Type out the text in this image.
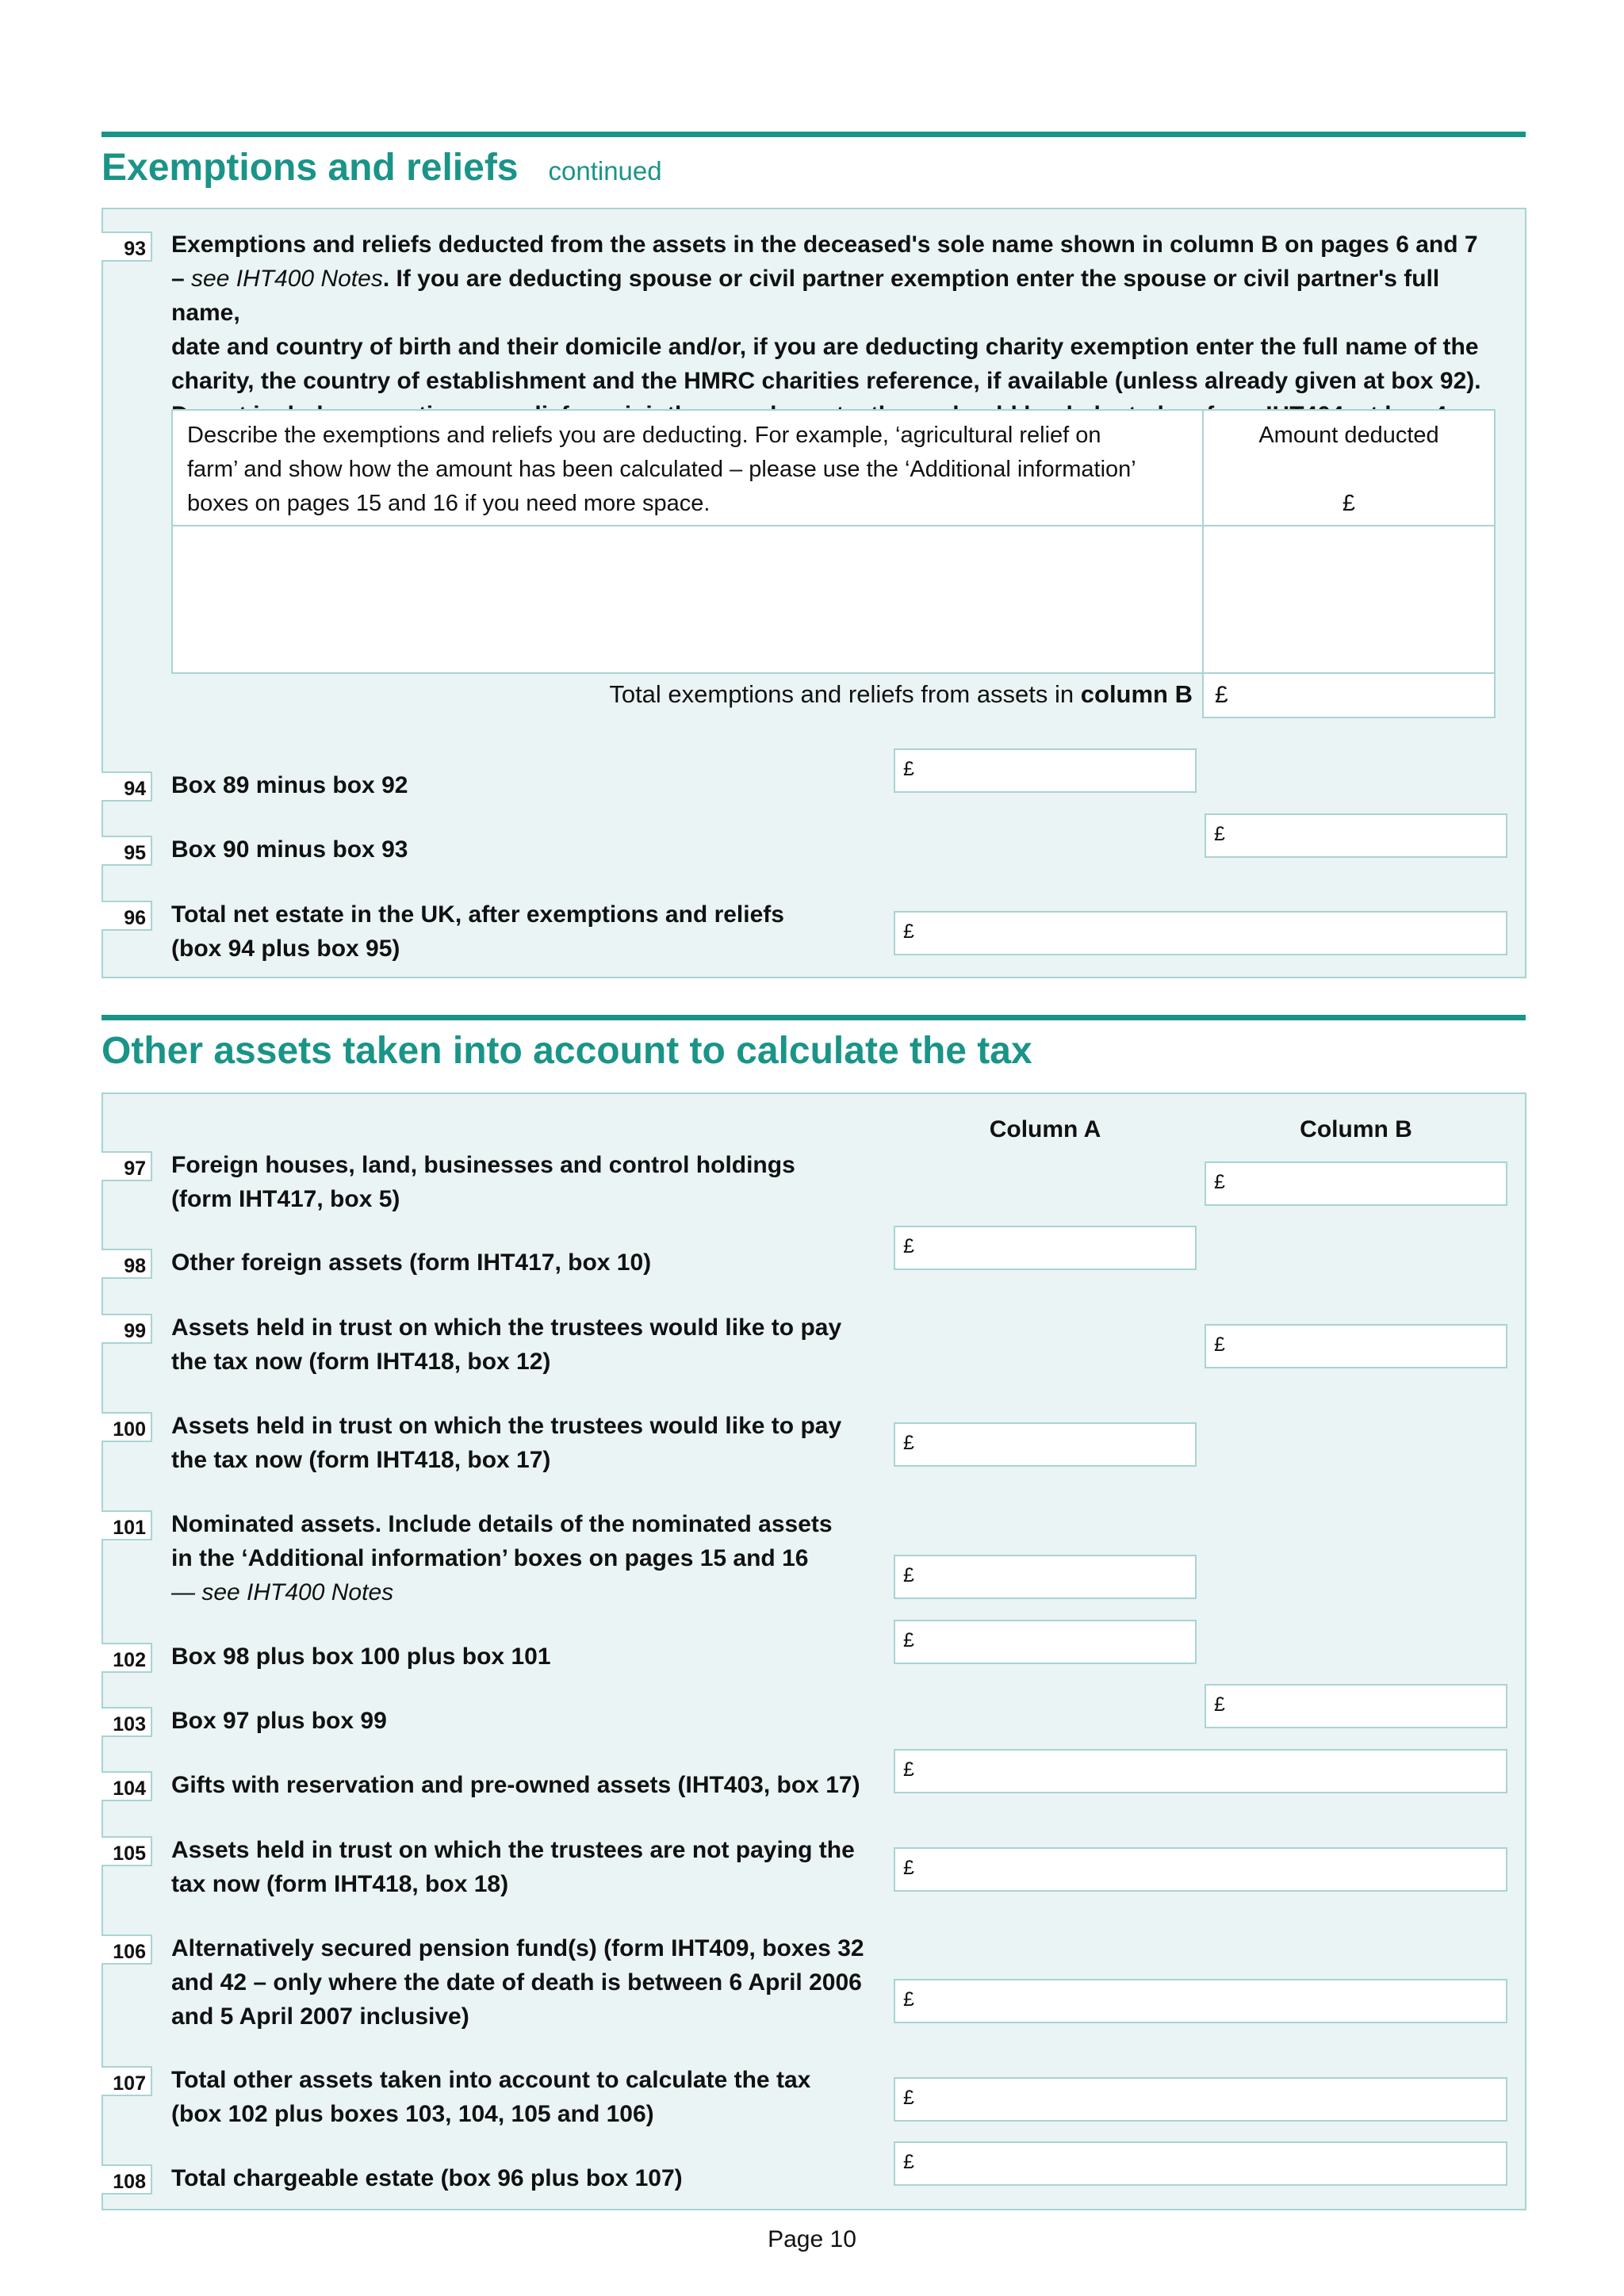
Exemptions and reliefs continued
93 Exemptions and reliefs deducted from the assets in the deceased's sole name shown in column B on pages 6 and 7
– see IHT400 Notes. If you are deducting spouse or civil partner exemption enter the spouse or civil partner's full name,
date and country of birth and their domicile and/or, if you are deducting charity exemption enter the full name of the
charity, the country of establishment and the HMRC charities reference, if available (unless already given at box 92).
Describe the exemptions and reliefs you are deducting. For example, ‘agricultural relief on
farm’ and show how the amount has been calculated – please use the ‘Additional information’
boxes on pages 15 and 16 if you need more space.
Amount deducted
£
Total exemptions and reliefs from assets in column B £
94 Box 89 minus box 92
£
95 Box 90 minus box 93
£
96 Total net estate in the UK, after exemptions and reliefs
(box 94 plus box 95)
£
Other assets taken into account to calculate the tax
Column A	Column B
97 Foreign houses, land, businesses and control holdings
(form IHT417, box 5)
£
98 Other foreign assets (form IHT417, box 10)
£
99 Assets held in trust on which the trustees would like to pay
the tax now (form IHT418, box 12)
£
100 Assets held in trust on which the trustees would like to pay
the tax now (form IHT418, box 17)
£
101 Nominated assets. Include details of the nominated assets
in the ‘Additional information’ boxes on pages 15 and 16
— see IHT400 Notes
£
102 Box 98 plus box 100 plus box 101
£
103 Box 97 plus box 99
£
104 Gifts with reservation and pre-owned assets (IHT403, box 17)
£
105 Assets held in trust on which the trustees are not paying the
tax now (form IHT418, box 18)
£
106 Alternatively secured pension fund(s) (form IHT409, boxes 32
and 42 – only where the date of death is between 6 April 2006
and 5 April 2007 inclusive)
£
107 Total other assets taken into account to calculate the tax
(box 102 plus boxes 103, 104, 105 and 106)
£
108 Total chargeable estate (box 96 plus box 107)
£
Page 10
